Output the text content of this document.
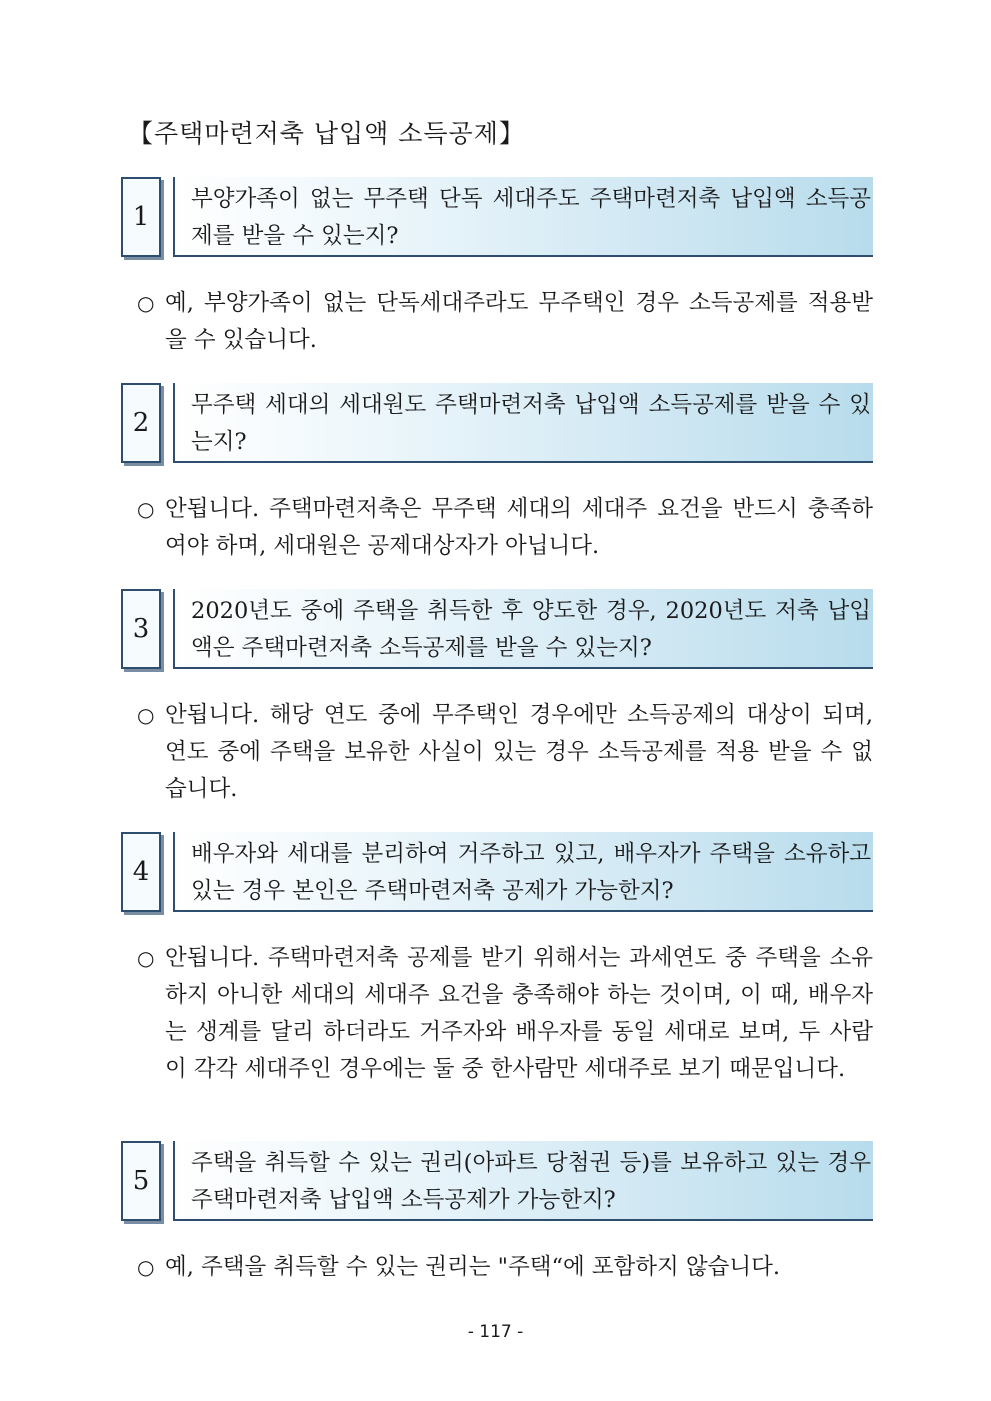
【주택마련저축 납입액 소득공제】
1
부양가족이 없는 무주택 단독 세대주도 주택마련저축 납입액 소득공제를 받을 수 있는지?
○ 예, 부양가족이 없는 단독세대주라도 무주택인 경우 소득공제를 적용받을 수 있습니다.
2
무주택 세대의 세대원도 주택마련저축 납입액 소득공제를 받을 수 있는지?
○ 안됩니다. 주택마련저축은 무주택 세대의 세대주 요건을 반드시 충족하여야 하며, 세대원은 공제대상자가 아닙니다.
3
2020년도 중에 주택을 취득한 후 양도한 경우, 2020년도 저축 납입액은 주택마련저축 소득공제를 받을 수 있는지?
○ 안됩니다. 해당 연도 중에 무주택인 경우에만 소득공제의 대상이 되며, 연도 중에 주택을 보유한 사실이 있는 경우 소득공제를 적용 받을 수 없습니다.
4
배우자와 세대를 분리하여 거주하고 있고, 배우자가 주택을 소유하고 있는 경우 본인은 주택마련저축 공제가 가능한지?
○ 안됩니다. 주택마련저축 공제를 받기 위해서는 과세연도 중 주택을 소유하지 아니한 세대의 세대주 요건을 충족해야 하는 것이며, 이 때, 배우자는 생계를 달리 하더라도 거주자와 배우자를 동일 세대로 보며, 두 사람이 각각 세대주인 경우에는 둘 중 한사람만 세대주로 보기 때문입니다.
5
주택을 취득할 수 있는 권리(아파트 당첨권 등)를 보유하고 있는 경우 주택마련저축 납입액 소득공제가 가능한지?
○ 예, 주택을 취득할 수 있는 권리는 "주택“에 포함하지 않습니다.
- 117 -
